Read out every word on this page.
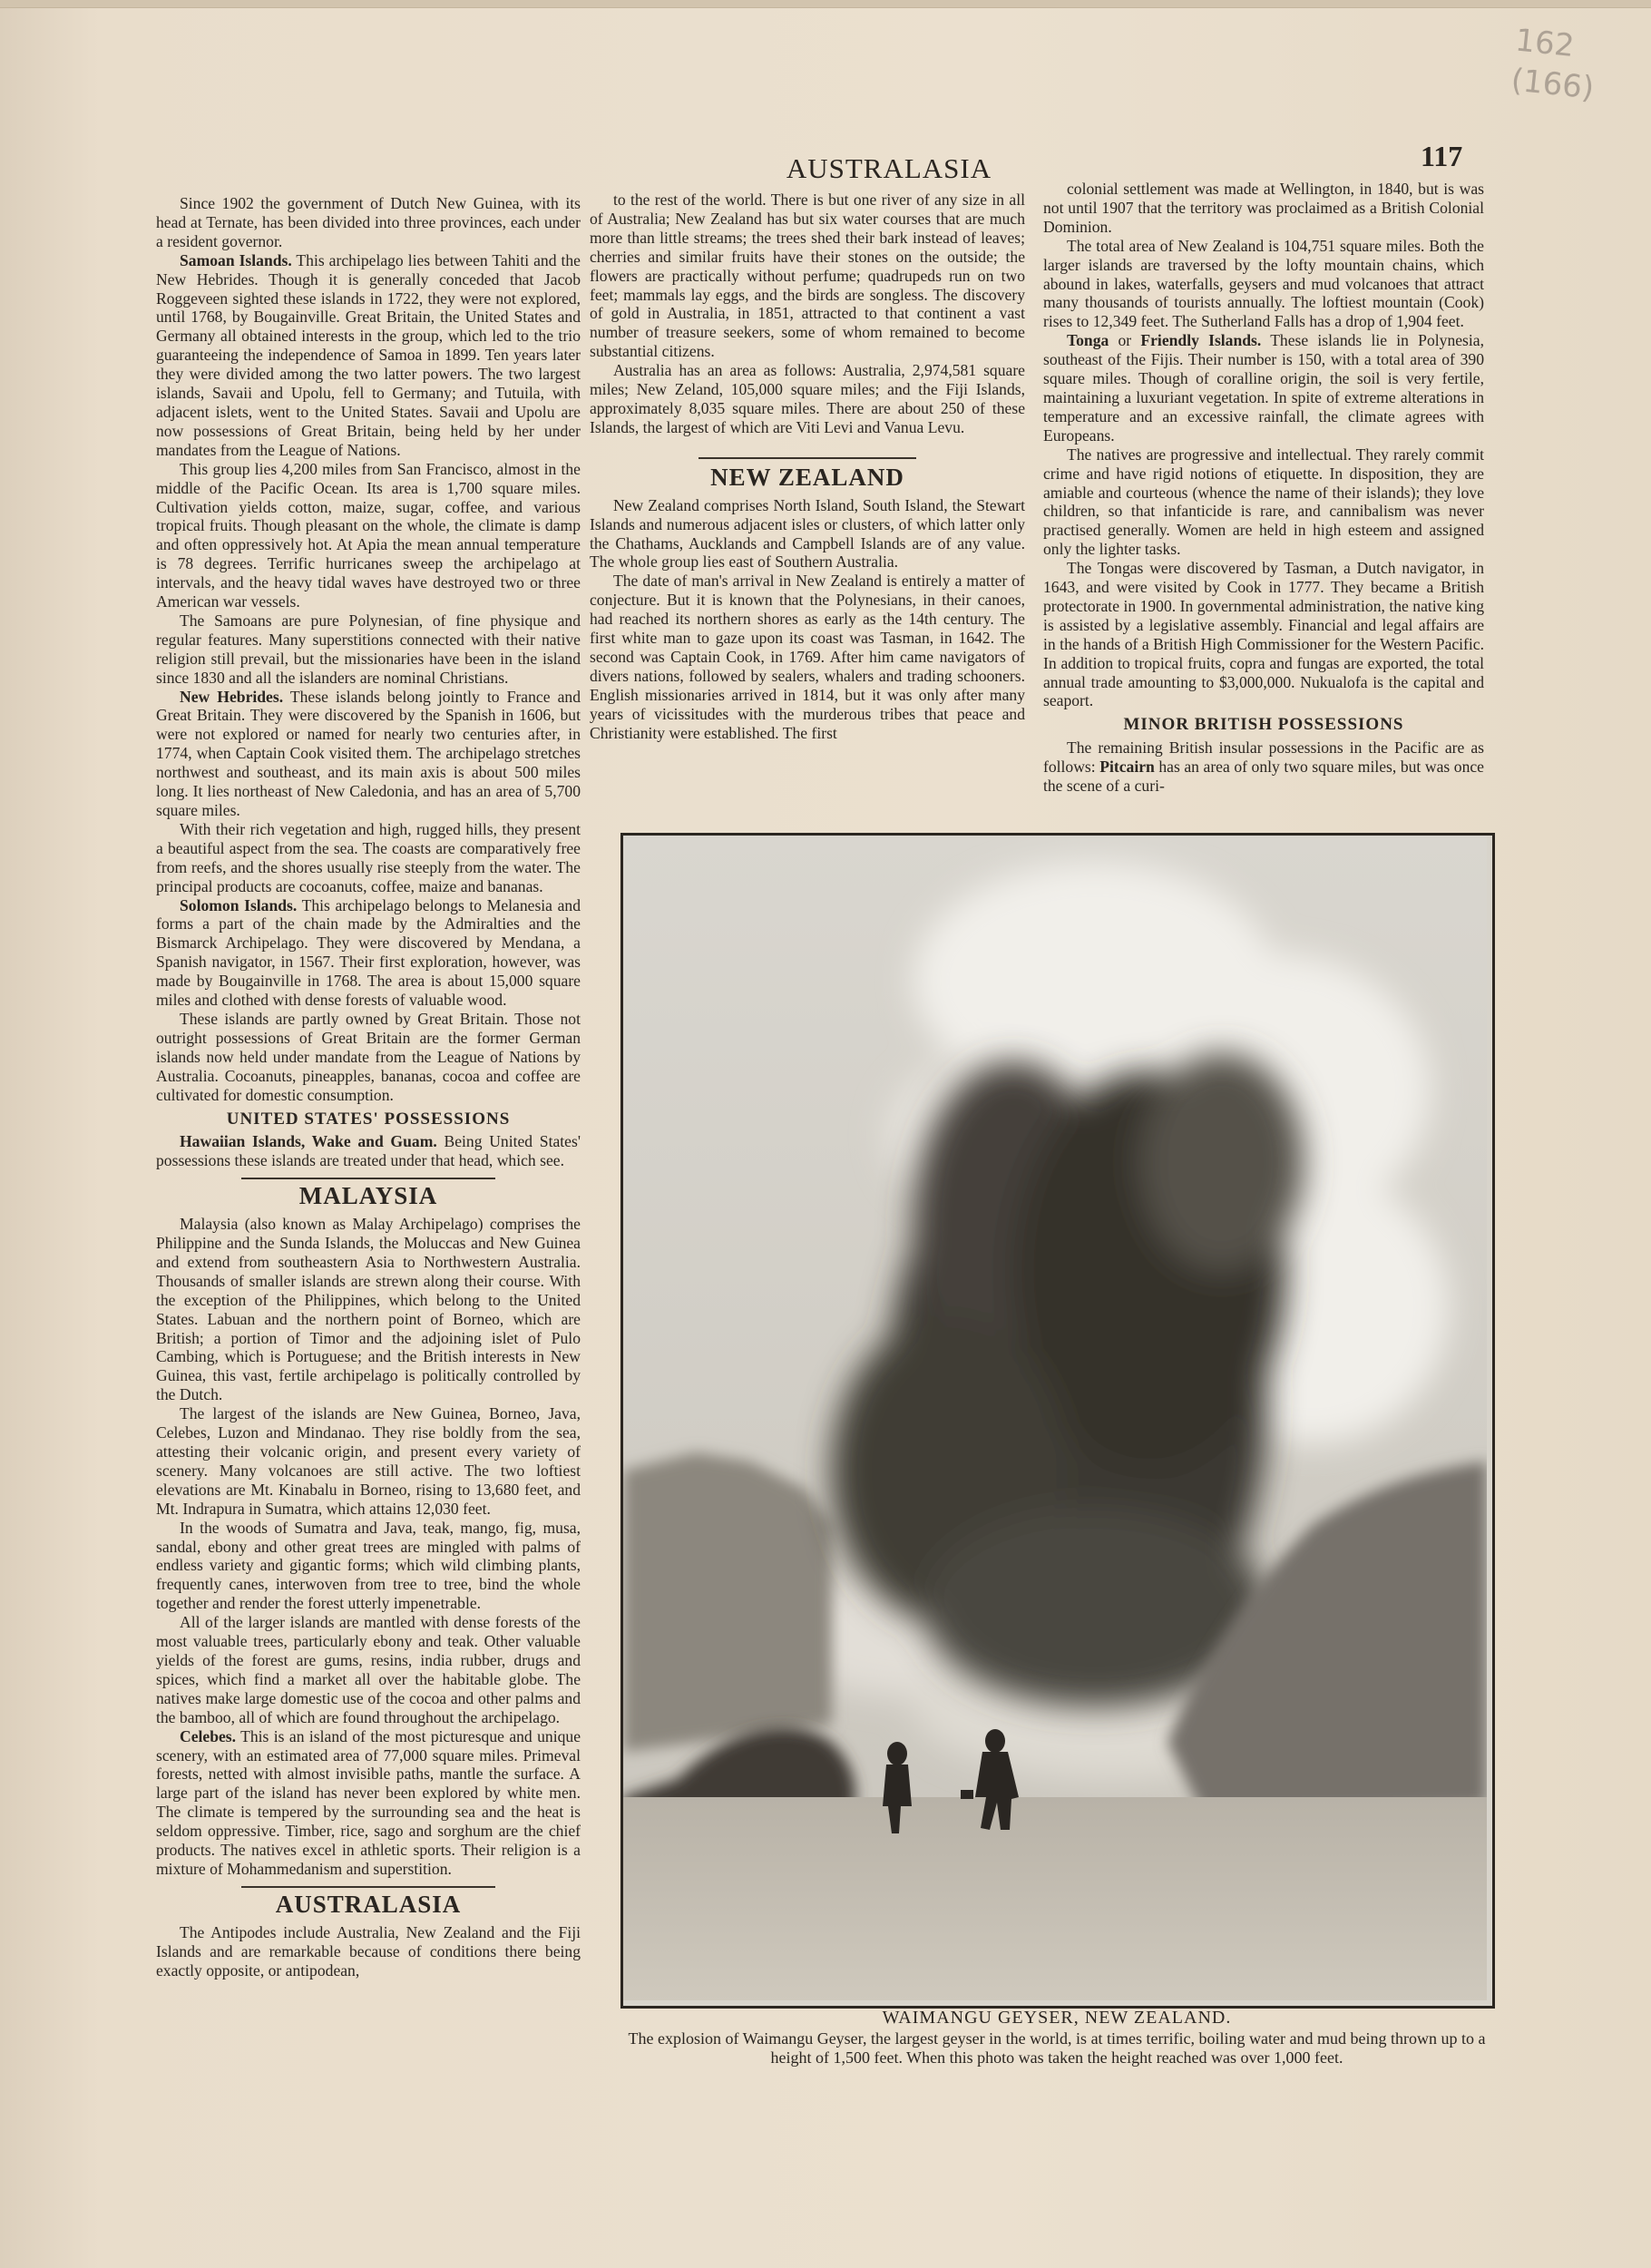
162
(166)
AUSTRALASIA	117

Since 1902 the government of Dutch New Guinea, with its head at Ternate, has been divided into three provinces, each under a resident governor.

Samoan Islands. This archipelago lies between Tahiti and the New Hebrides. Though it is generally conceded that Jacob Roggeveen sighted these islands in 1722, they were not explored, until 1768, by Bougainville. Great Britain, the United States and Germany all obtained interests in the group, which led to the trio guaranteeing the independence of Samoa in 1899. Ten years later they were divided among the two latter powers. The two largest islands, Savaii and Upolu, fell to Germany; and Tutuila, with adjacent islets, went to the United States. Savaii and Upolu are now possessions of Great Britain, being held by her under mandates from the League of Nations.

This group lies 4,200 miles from San Francisco, almost in the middle of the Pacific Ocean. Its area is 1,700 square miles. Cultivation yields cotton, maize, sugar, coffee, and various tropical fruits. Though pleasant on the whole, the climate is damp and often oppressively hot. At Apia the mean annual temperature is 78 degrees. Terrific hurricanes sweep the archipelago at intervals, and the heavy tidal waves have destroyed two or three American war vessels.

The Samoans are pure Polynesian, of fine physique and regular features. Many superstitions connected with their native religion still prevail, but the missionaries have been in the island since 1830 and all the islanders are nominal Christians.

New Hebrides. These islands belong jointly to France and Great Britain. They were discovered by the Spanish in 1606, but were not explored or named for nearly two centuries after, in 1774, when Captain Cook visited them. The archipelago stretches northwest and southeast, and its main axis is about 500 miles long. It lies northeast of New Caledonia, and has an area of 5,700 square miles.

With their rich vegetation and high, rugged hills, they present a beautiful aspect from the sea. The coasts are comparatively free from reefs, and the shores usually rise steeply from the water. The principal products are cocoanuts, coffee, maize and bananas.

Solomon Islands. This archipelago belongs to Melanesia and forms a part of the chain made by the Admiralties and the Bismarck Archipelago. They were discovered by Mendana, a Spanish navigator, in 1567. Their first exploration, however, was made by Bougainville in 1768. The area is about 15,000 square miles and clothed with dense forests of valuable wood.

These islands are partly owned by Great Britain. Those not outright possessions of Great Britain are the former German islands now held under mandate from the League of Nations by Australia. Cocoanuts, pineapples, bananas, cocoa and coffee are cultivated for domestic consumption.

UNITED STATES' POSSESSIONS

Hawaiian Islands, Wake and Guam. Being United States' possessions these islands are treated under that head, which see.

MALAYSIA

Malaysia (also known as Malay Archipelago) comprises the Philippine and the Sunda Islands, the Moluccas and New Guinea and extend from southeastern Asia to Northwestern Australia. Thousands of smaller islands are strewn along their course. With the exception of the Philippines, which belong to the United States. Labuan and the northern point of Borneo, which are British; a portion of Timor and the adjoining islet of Pulo Cambing, which is Portuguese; and the British interests in New Guinea, this vast, fertile archipelago is politically controlled by the Dutch.

The largest of the islands are New Guinea, Borneo, Java, Celebes, Luzon and Mindanao. They rise boldly from the sea, attesting their volcanic origin, and present every variety of scenery. Many volcanoes are still active. The two loftiest elevations are Mt. Kinabalu in Borneo, rising to 13,680 feet, and Mt. Indrapura in Sumatra, which attains 12,030 feet.

In the woods of Sumatra and Java, teak, mango, fig, musa, sandal, ebony and other great trees are mingled with palms of endless variety and gigantic forms; which wild climbing plants, frequently canes, interwoven from tree to tree, bind the whole together and render the forest utterly impenetrable.

All of the larger islands are mantled with dense forests of the most valuable trees, particularly ebony and teak. Other valuable yields of the forest are gums, resins, india rubber, drugs and spices, which find a market all over the habitable globe. The natives make large domestic use of the cocoa and other palms and the bamboo, all of which are found throughout the archipelago.

Celebes. This is an island of the most picturesque and unique scenery, with an estimated area of 77,000 square miles. Primeval forests, netted with almost invisible paths, mantle the surface. A large part of the island has never been explored by white men. The climate is tempered by the surrounding sea and the heat is seldom oppressive. Timber, rice, sago and sorghum are the chief products. The natives excel in athletic sports. Their religion is a mixture of Mohammedanism and superstition.

AUSTRALASIA

The Antipodes include Australia, New Zealand and the Fiji Islands and are remarkable because of conditions there being exactly opposite, or antipodean,

to the rest of the world. There is but one river of any size in all of Australia; New Zealand has but six water courses that are much more than little streams; the trees shed their bark instead of leaves; cherries and similar fruits have their stones on the outside; the flowers are practically without perfume; quadrupeds run on two feet; mammals lay eggs, and the birds are songless. The discovery of gold in Australia, in 1851, attracted to that continent a vast number of treasure seekers, some of whom remained to become substantial citizens.

Australia has an area as follows: Australia, 2,974,581 square miles; New Zeland, 105,000 square miles; and the Fiji Islands, approximately 8,035 square miles. There are about 250 of these Islands, the largest of which are Viti Levi and Vanua Levu.

NEW ZEALAND

New Zealand comprises North Island, South Island, the Stewart Islands and numerous adjacent isles or clusters, of which latter only the Chathams, Aucklands and Campbell Islands are of any value. The whole group lies east of Southern Australia.

The date of man's arrival in New Zealand is entirely a matter of conjecture. But it is known that the Polynesians, in their canoes, had reached its northern shores as early as the 14th century. The first white man to gaze upon its coast was Tasman, in 1642. The second was Captain Cook, in 1769. After him came navigators of divers nations, followed by sealers, whalers and trading schooners. English missionaries arrived in 1814, but it was only after many years of vicissitudes with the murderous tribes that peace and Christianity were established. The first

colonial settlement was made at Wellington, in 1840, but is was not until 1907 that the territory was proclaimed as a British Colonial Dominion.

The total area of New Zealand is 104,751 square miles. Both the larger islands are traversed by the lofty mountain chains, which abound in lakes, waterfalls, geysers and mud volcanoes that attract many thousands of tourists annually. The loftiest mountain (Cook) rises to 12,349 feet. The Sutherland Falls has a drop of 1,904 feet.

Tonga or Friendly Islands. These islands lie in Polynesia, southeast of the Fijis. Their number is 150, with a total area of 390 square miles. Though of coralline origin, the soil is very fertile, maintaining a luxuriant vegetation. In spite of extreme alterations in temperature and an excessive rainfall, the climate agrees with Europeans.

The natives are progressive and intellectual. They rarely commit crime and have rigid notions of etiquette. In disposition, they are amiable and courteous (whence the name of their islands); they love children, so that infanticide is rare, and cannibalism was never practised generally. Women are held in high esteem and assigned only the lighter tasks.

The Tongas were discovered by Tasman, a Dutch navigator, in 1643, and were visited by Cook in 1777. They became a British protectorate in 1900. In governmental administration, the native king is assisted by a legislative assembly. Financial and legal affairs are in the hands of a British High Commissioner for the Western Pacific. In addition to tropical fruits, copra and fungas are exported, the total annual trade amounting to $3,000,000. Nukualofa is the capital and seaport.

MINOR BRITISH POSSESSIONS

The remaining British insular possessions in the Pacific are as follows: Pitcairn has an area of only two square miles, but was once the scene of a curi-

WAIMANGU GEYSER, NEW ZEALAND.
The explosion of Waimangu Geyser, the largest geyser in the world, is at times terrific, boiling water and mud being thrown up to a height of 1,500 feet. When this photo was taken the height reached was over 1,000 feet.
